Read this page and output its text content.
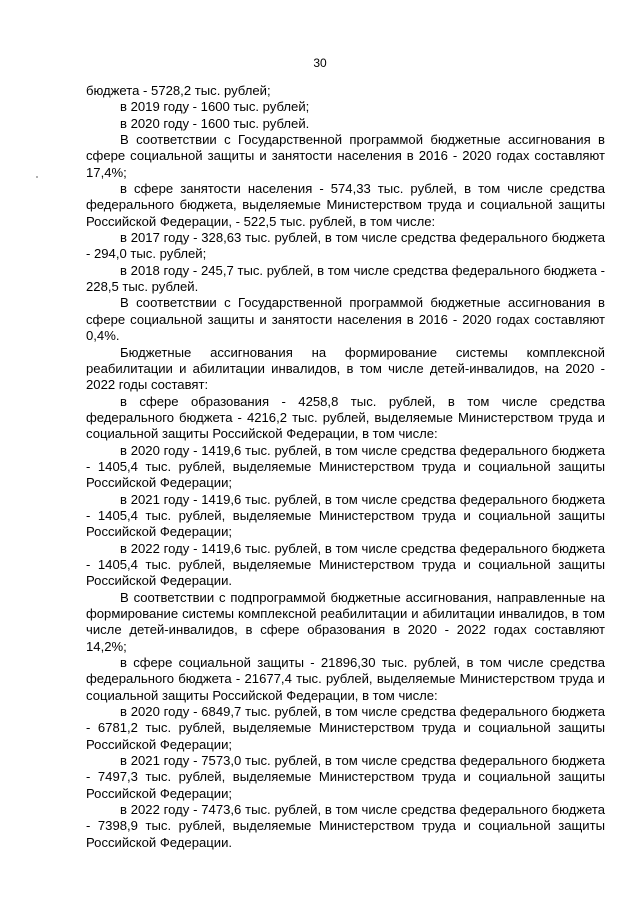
30

бюджета - 5728,2 тыс. рублей;

в 2019 году - 1600 тыс. рублей;

в 2020 году - 1600 тыс. рублей.

В соответствии с Государственной программой бюджетные ассигнования в сфере социальной защиты и занятости населения в 2016 - 2020 годах составляют 17,4%;

в сфере занятости населения - 574,33 тыс. рублей, в том числе средства федерального бюджета, выделяемые Министерством труда и социальной защиты Российской Федерации, - 522,5 тыс. рублей, в том числе:

в 2017 году - 328,63 тыс. рублей, в том числе средства федерального бюджета - 294,0 тыс. рублей;

в 2018 году - 245,7 тыс. рублей, в том числе средства федерального бюджета - 228,5 тыс. рублей.

В соответствии с Государственной программой бюджетные ассигнования в сфере социальной защиты и занятости населения в 2016 - 2020 годах составляют 0,4%.

Бюджетные ассигнования на формирование системы комплексной реабилитации и абилитации инвалидов, в том числе детей-инвалидов, на 2020 - 2022 годы составят:

в сфере образования - 4258,8 тыс. рублей, в том числе средства федерального бюджета - 4216,2 тыс. рублей, выделяемые Министерством труда и социальной защиты Российской Федерации, в том числе:

в 2020 году - 1419,6 тыс. рублей, в том числе средства федерального бюджета - 1405,4 тыс. рублей, выделяемые Министерством труда и социальной защиты Российской Федерации;

в 2021 году - 1419,6 тыс. рублей, в том числе средства федерального бюджета - 1405,4 тыс. рублей, выделяемые Министерством труда и социальной защиты Российской Федерации;

в 2022 году - 1419,6 тыс. рублей, в том числе средства федерального бюджета - 1405,4 тыс. рублей, выделяемые Министерством труда и социальной защиты Российской Федерации.

В соответствии с подпрограммой бюджетные ассигнования, направленные на формирование системы комплексной реабилитации и абилитации инвалидов, в том числе детей-инвалидов, в сфере образования в 2020 - 2022 годах составляют 14,2%;

в сфере социальной защиты - 21896,30 тыс. рублей, в том числе средства федерального бюджета - 21677,4 тыс. рублей, выделяемые Министерством труда и социальной защиты Российской Федерации, в том числе:

в 2020 году - 6849,7 тыс. рублей, в том числе средства федерального бюджета - 6781,2 тыс. рублей, выделяемые Министерством труда и социальной защиты Российской Федерации;

в 2021 году - 7573,0 тыс. рублей, в том числе средства федерального бюджета - 7497,3 тыс. рублей, выделяемые Министерством труда и социальной защиты Российской Федерации;

в 2022 году - 7473,6 тыс. рублей, в том числе средства федерального бюджета - 7398,9 тыс. рублей, выделяемые Министерством труда и социальной защиты Российской Федерации.
